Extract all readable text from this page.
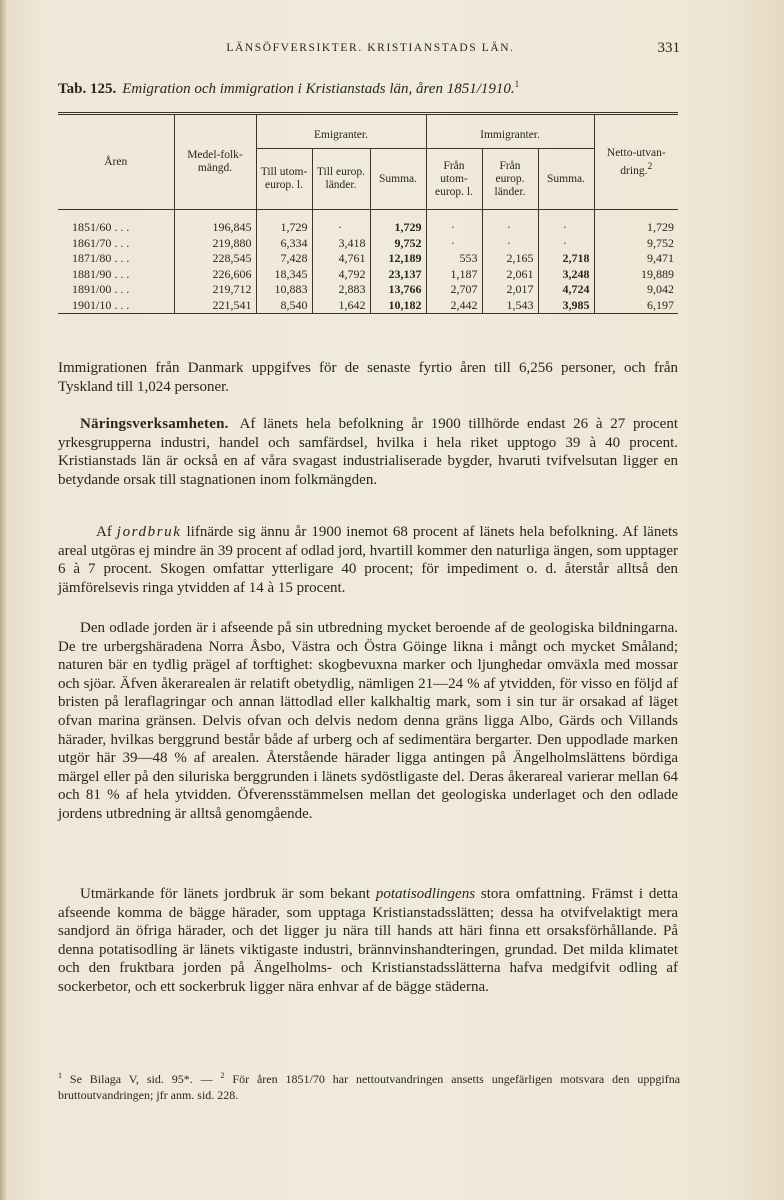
LÄNSÖFVERSIKTER. KRISTIANSTADS LÄN.	331
Tab. 125. Emigration och immigration i Kristianstads län, åren 1851/1910.$^1$
Åren	Medel-folk-mängd.	Emigranter.			Immigranter.			Netto-utvan-dring.$^2$
		Till utom-europ. l.	Till europ. länder.	Summa.	Från utom-europ. l.	Från europ. länder.	Summa.	

1851/60 . . .	196,845	1,729	·	1,729	·	·	·	1,729
1861/70 . . .	219,880	6,334	3,418	9,752	·	·	·	9,752
1871/80 . . .	228,545	7,428	4,761	12,189	553	2,165	2,718	9,471
1881/90 . . .	226,606	18,345	4,792	23,137	1,187	2,061	3,248	19,889
1891/00 . . .	219,712	10,883	2,883	13,766	2,707	2,017	4,724	9,042
1901/10 . . .	221,541	8,540	1,642	10,182	2,442	1,543	3,985	6,197

Immigrationen från Danmark uppgifves för de senaste fyrtio åren till 6,256 personer, och från Tyskland till 1,024 personer.

Näringsverksamheten. Af länets hela befolkning år 1900 tillhörde endast 26 à 27 procent yrkesgrupperna industri, handel och samfärdsel, hvilka i hela riket upptogo 39 à 40 procent. Kristianstads län är också en af våra svagast industrialiserade bygder, hvaruti tvifvelsutan ligger en betydande orsak till stagnationen inom folkmängden.

Af jordbruk lifnärde sig ännu år 1900 inemot 68 procent af länets hela befolkning. Af länets areal utgöras ej mindre än 39 procent af odlad jord, hvartill kommer den naturliga ängen, som upptager 6 à 7 procent. Skogen omfattar ytterligare 40 procent; för impediment o. d. återstår alltså den jämförelsevis ringa ytvidden af 14 à 15 procent.

Den odlade jorden är i afseende på sin utbredning mycket beroende af de geologiska bildningarna. De tre urbergshäradena Norra Åsbo, Västra och Östra Göinge likna i mångt och mycket Småland; naturen bär en tydlig prägel af torftighet: skogbevuxna marker och ljunghedar omväxla med mossar och sjöar. Äfven åkerarealen är relatift obetydlig, nämligen 21—24 % af ytvidden, för visso en följd af bristen på leraflagringar och annan lättodlad eller kalkhaltig mark, som i sin tur är orsakad af läget ofvan marina gränsen. Delvis ofvan och delvis nedom denna gräns ligga Albo, Gärds och Villands härader, hvilkas berggrund består både af urberg och af sedimentära bergarter. Den uppodlade marken utgör här 39—48 % af arealen. Återstående härader ligga antingen på Ängelholmslättens bördiga märgel eller på den siluriska berggrunden i länets sydöstligaste del. Deras åkerareal varierar mellan 64 och 81 % af hela ytvidden. Öfverensstämmelsen mellan det geologiska underlaget och den odlade jordens utbredning är alltså genomgående.

Utmärkande för länets jordbruk är som bekant potatisodlingens stora omfattning. Främst i detta afseende komma de bägge härader, som upptaga Kristianstadsslätten; dessa ha otvifvelaktigt mera sandjord än öfriga härader, och det ligger ju nära till hands att häri finna ett orsaksförhållande. På denna potatisodling är länets viktigaste industri, brännvinshandteringen, grundad. Det milda klimatet och den fruktbara jorden på Ängelholms- och Kristianstadsslätterna hafva medgifvit odling af sockerbetor, och ett sockerbruk ligger nära enhvar af de bägge städerna.

$^1$ Se Bilaga V, sid. 95*. — $^2$ För åren 1851/70 har nettoutvandringen ansetts ungefärligen motsvara den uppgifna bruttoutvandringen; jfr anm. sid. 228.
